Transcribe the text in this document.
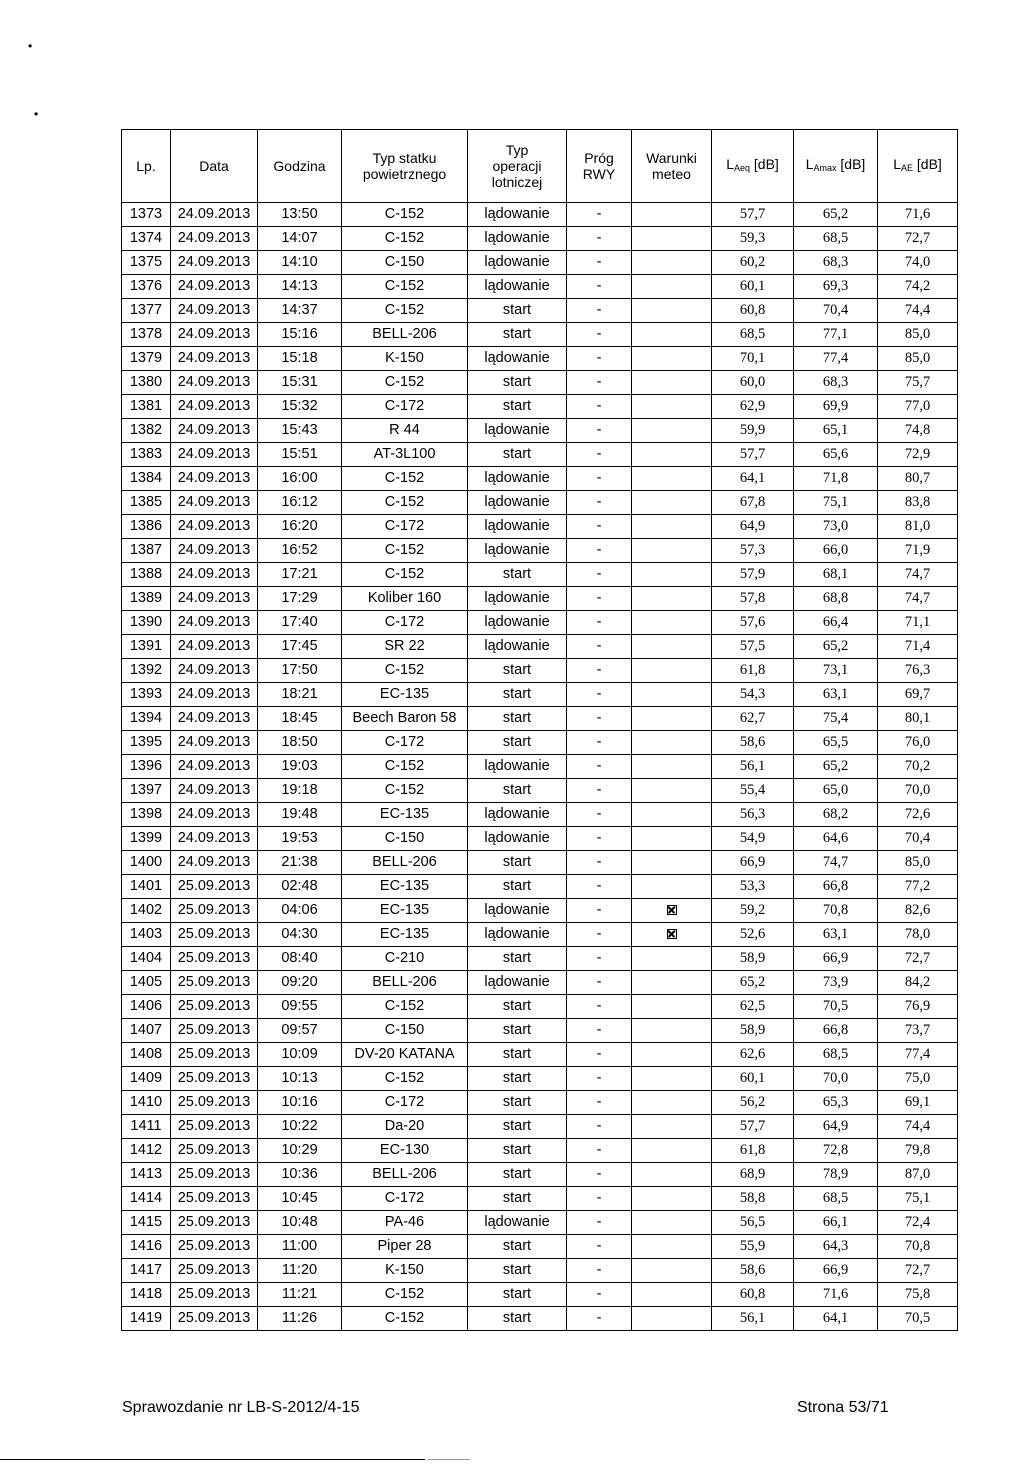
•
•
Lp.	Data	Godzina	Typ statku powietrznego	Typ operacji lotniczej	Próg RWY	Warunki meteo	$L_{Aeq}$ [dB]	$L_{Amax}$ [dB]	$L_{AE}$ [dB]
1373	24.09.2013	13:50	C-152	lądowanie	-		57,7	65,2	71,6
1374	24.09.2013	14:07	C-152	lądowanie	-		59,3	68,5	72,7
1375	24.09.2013	14:10	C-150	lądowanie	-		60,2	68,3	74,0
1376	24.09.2013	14:13	C-152	lądowanie	-		60,1	69,3	74,2
1377	24.09.2013	14:37	C-152	start	-		60,8	70,4	74,4
1378	24.09.2013	15:16	BELL-206	start	-		68,5	77,1	85,0
1379	24.09.2013	15:18	K-150	lądowanie	-		70,1	77,4	85,0
1380	24.09.2013	15:31	C-152	start	-		60,0	68,3	75,7
1381	24.09.2013	15:32	C-172	start	-		62,9	69,9	77,0
1382	24.09.2013	15:43	R 44	lądowanie	-		59,9	65,1	74,8
1383	24.09.2013	15:51	AT-3L100	start	-		57,7	65,6	72,9
1384	24.09.2013	16:00	C-152	lądowanie	-		64,1	71,8	80,7
1385	24.09.2013	16:12	C-152	lądowanie	-		67,8	75,1	83,8
1386	24.09.2013	16:20	C-172	lądowanie	-		64,9	73,0	81,0
1387	24.09.2013	16:52	C-152	lądowanie	-		57,3	66,0	71,9
1388	24.09.2013	17:21	C-152	start	-		57,9	68,1	74,7
1389	24.09.2013	17:29	Koliber 160	lądowanie	-		57,8	68,8	74,7
1390	24.09.2013	17:40	C-172	lądowanie	-		57,6	66,4	71,1
1391	24.09.2013	17:45	SR 22	lądowanie	-		57,5	65,2	71,4
1392	24.09.2013	17:50	C-152	start	-		61,8	73,1	76,3
1393	24.09.2013	18:21	EC-135	start	-		54,3	63,1	69,7
1394	24.09.2013	18:45	Beech Baron 58	start	-		62,7	75,4	80,1
1395	24.09.2013	18:50	C-172	start	-		58,6	65,5	76,0
1396	24.09.2013	19:03	C-152	lądowanie	-		56,1	65,2	70,2
1397	24.09.2013	19:18	C-152	start	-		55,4	65,0	70,0
1398	24.09.2013	19:48	EC-135	lądowanie	-		56,3	68,2	72,6
1399	24.09.2013	19:53	C-150	lądowanie	-		54,9	64,6	70,4
1400	24.09.2013	21:38	BELL-206	start	-		66,9	74,7	85,0
1401	25.09.2013	02:48	EC-135	start	-		53,3	66,8	77,2
1402	25.09.2013	04:06	EC-135	lądowanie	-		59,2	70,8	82,6
1403	25.09.2013	04:30	EC-135	lądowanie	-		52,6	63,1	78,0
1404	25.09.2013	08:40	C-210	start	-		58,9	66,9	72,7
1405	25.09.2013	09:20	BELL-206	lądowanie	-		65,2	73,9	84,2
1406	25.09.2013	09:55	C-152	start	-		62,5	70,5	76,9
1407	25.09.2013	09:57	C-150	start	-		58,9	66,8	73,7
1408	25.09.2013	10:09	DV-20 KATANA	start	-		62,6	68,5	77,4
1409	25.09.2013	10:13	C-152	start	-		60,1	70,0	75,0
1410	25.09.2013	10:16	C-172	start	-		56,2	65,3	69,1
1411	25.09.2013	10:22	Da-20	start	-		57,7	64,9	74,4
1412	25.09.2013	10:29	EC-130	start	-		61,8	72,8	79,8
1413	25.09.2013	10:36	BELL-206	start	-		68,9	78,9	87,0
1414	25.09.2013	10:45	C-172	start	-		58,8	68,5	75,1
1415	25.09.2013	10:48	PA-46	lądowanie	-		56,5	66,1	72,4
1416	25.09.2013	11:00	Piper 28	start	-		55,9	64,3	70,8
1417	25.09.2013	11:20	K-150	start	-		58,6	66,9	72,7
1418	25.09.2013	11:21	C-152	start	-		60,8	71,6	75,8
1419	25.09.2013	11:26	C-152	start	-		56,1	64,1	70,5
Sprawozdanie nr LB-S-2012/4-15	Strona 53/71
